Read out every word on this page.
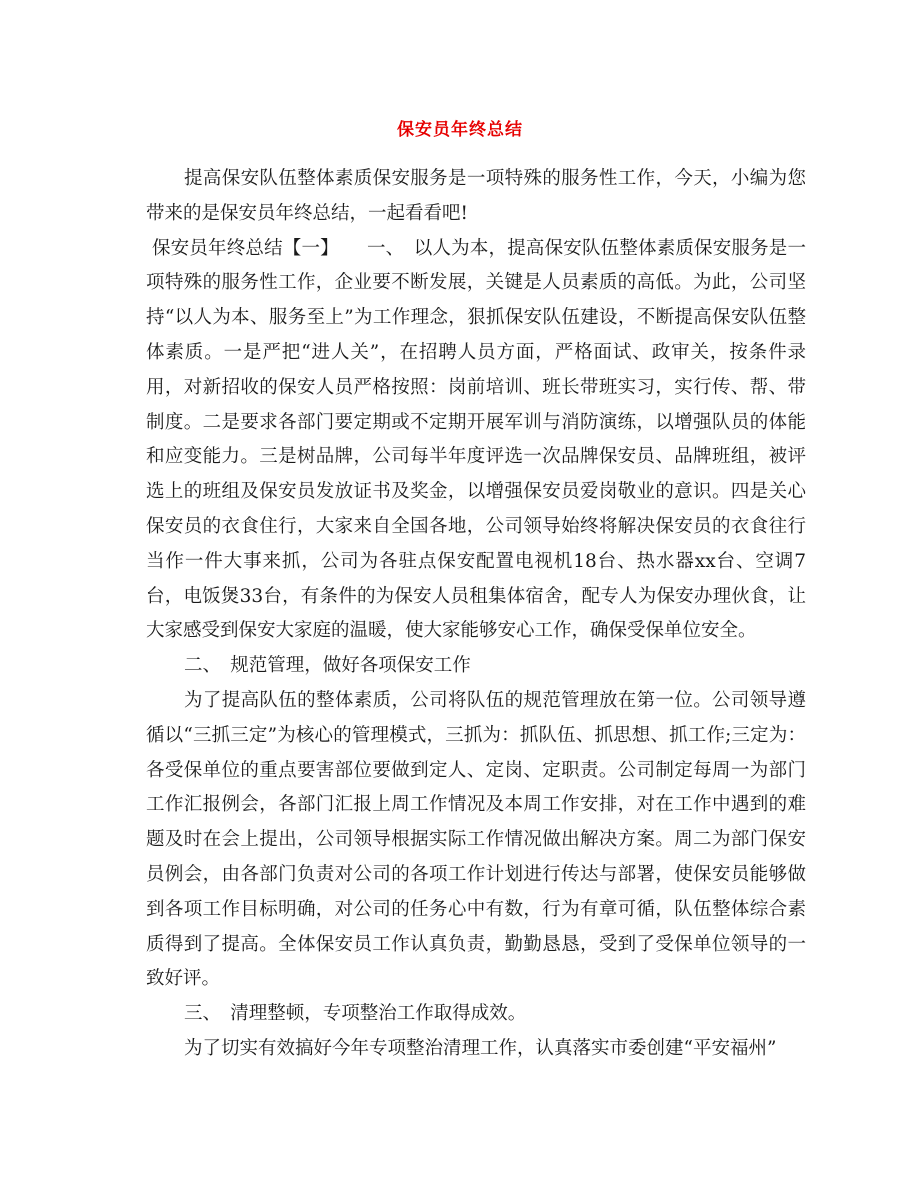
保安员年终总结

提高保安队伍整体素质保安服务是一项特殊的服务性工作，今天，小编为您带来的是保安员年终总结，一起看看吧!

保安员年终总结【一】　　一、　以人为本，提高保安队伍整体素质保安服务是一项特殊的服务性工作，企业要不断发展，关键是人员素质的高低。为此，公司坚持“以人为本、服务至上”为工作理念，狠抓保安队伍建设，不断提高保安队伍整体素质。一是严把“进人关”，在招聘人员方面，严格面试、政审关，按条件录用，对新招收的保安人员严格按照：岗前培训、班长带班实习，实行传、帮、带制度。二是要求各部门要定期或不定期开展军训与消防演练，以增强队员的体能和应变能力。三是树品牌，公司每半年度评选一次品牌保安员、品牌班组，被评选上的班组及保安员发放证书及奖金，以增强保安员爱岗敬业的意识。四是关心保安员的衣食住行，大家来自全国各地，公司领导始终将解决保安员的衣食往行当作一件大事来抓，公司为各驻点保安配置电视机18台、热水器xx台、空调7台，电饭煲33台，有条件的为保安人员租集体宿舍，配专人为保安办理伙食，让大家感受到保安大家庭的温暖，使大家能够安心工作，确保受保单位安全。

二、　规范管理，做好各项保安工作

为了提高队伍的整体素质，公司将队伍的规范管理放在第一位。公司领导遵循以“三抓三定”为核心的管理模式，三抓为：抓队伍、抓思想、抓工作;三定为：各受保单位的重点要害部位要做到定人、定岗、定职责。公司制定每周一为部门工作汇报例会，各部门汇报上周工作情况及本周工作安排，对在工作中遇到的难题及时在会上提出，公司领导根据实际工作情况做出解决方案。周二为部门保安员例会，由各部门负责对公司的各项工作计划进行传达与部署，使保安员能够做到各项工作目标明确，对公司的任务心中有数，行为有章可循，队伍整体综合素质得到了提高。全体保安员工作认真负责，勤勤恳恳，受到了受保单位领导的一致好评。

三、　清理整顿，专项整治工作取得成效。

为了切实有效搞好今年专项整治清理工作，认真落实市委创建“平安福州”
